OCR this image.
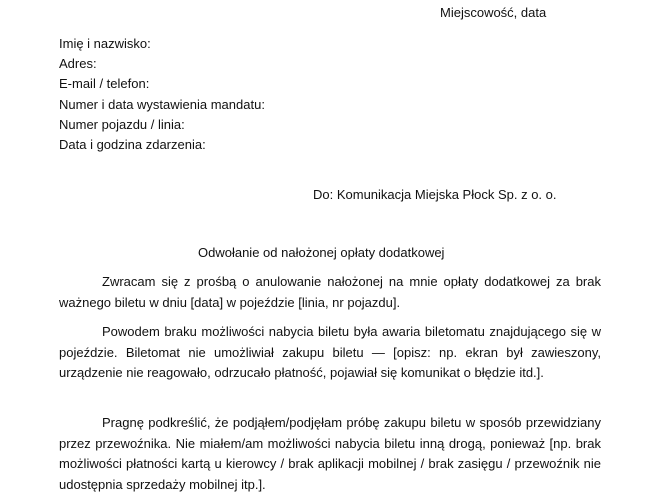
Miejscowość, data
Imię i nazwisko:
Adres:
E-mail / telefon:
Numer i data wystawienia mandatu:
Numer pojazdu / linia:
Data i godzina zdarzenia:
Do: Komunikacja Miejska Płock Sp. z o. o.
Odwołanie od nałożonej opłaty dodatkowej

Zwracam się z prośbą o anulowanie nałożonej na mnie opłaty dodatkowej za brak ważnego biletu w dniu [data] w pojeździe [linia, nr pojazdu].

Powodem braku możliwości nabycia biletu była awaria biletomatu znajdującego się w pojeździe. Biletomat nie umożliwiał zakupu biletu — [opisz: np. ekran był zawieszony, urządzenie nie reagowało, odrzucało płatność, pojawiał się komunikat o błędzie itd.].

Pragnę podkreślić, że podjąłem/podjęłam próbę zakupu biletu w sposób przewidziany przez przewoźnika. Nie miałem/am możliwości nabycia biletu inną drogą, ponieważ [np. brak możliwości płatności kartą u kierowcy / brak aplikacji mobilnej / brak zasięgu / przewoźnik nie udostępnia sprzedaży mobilnej itp.].
